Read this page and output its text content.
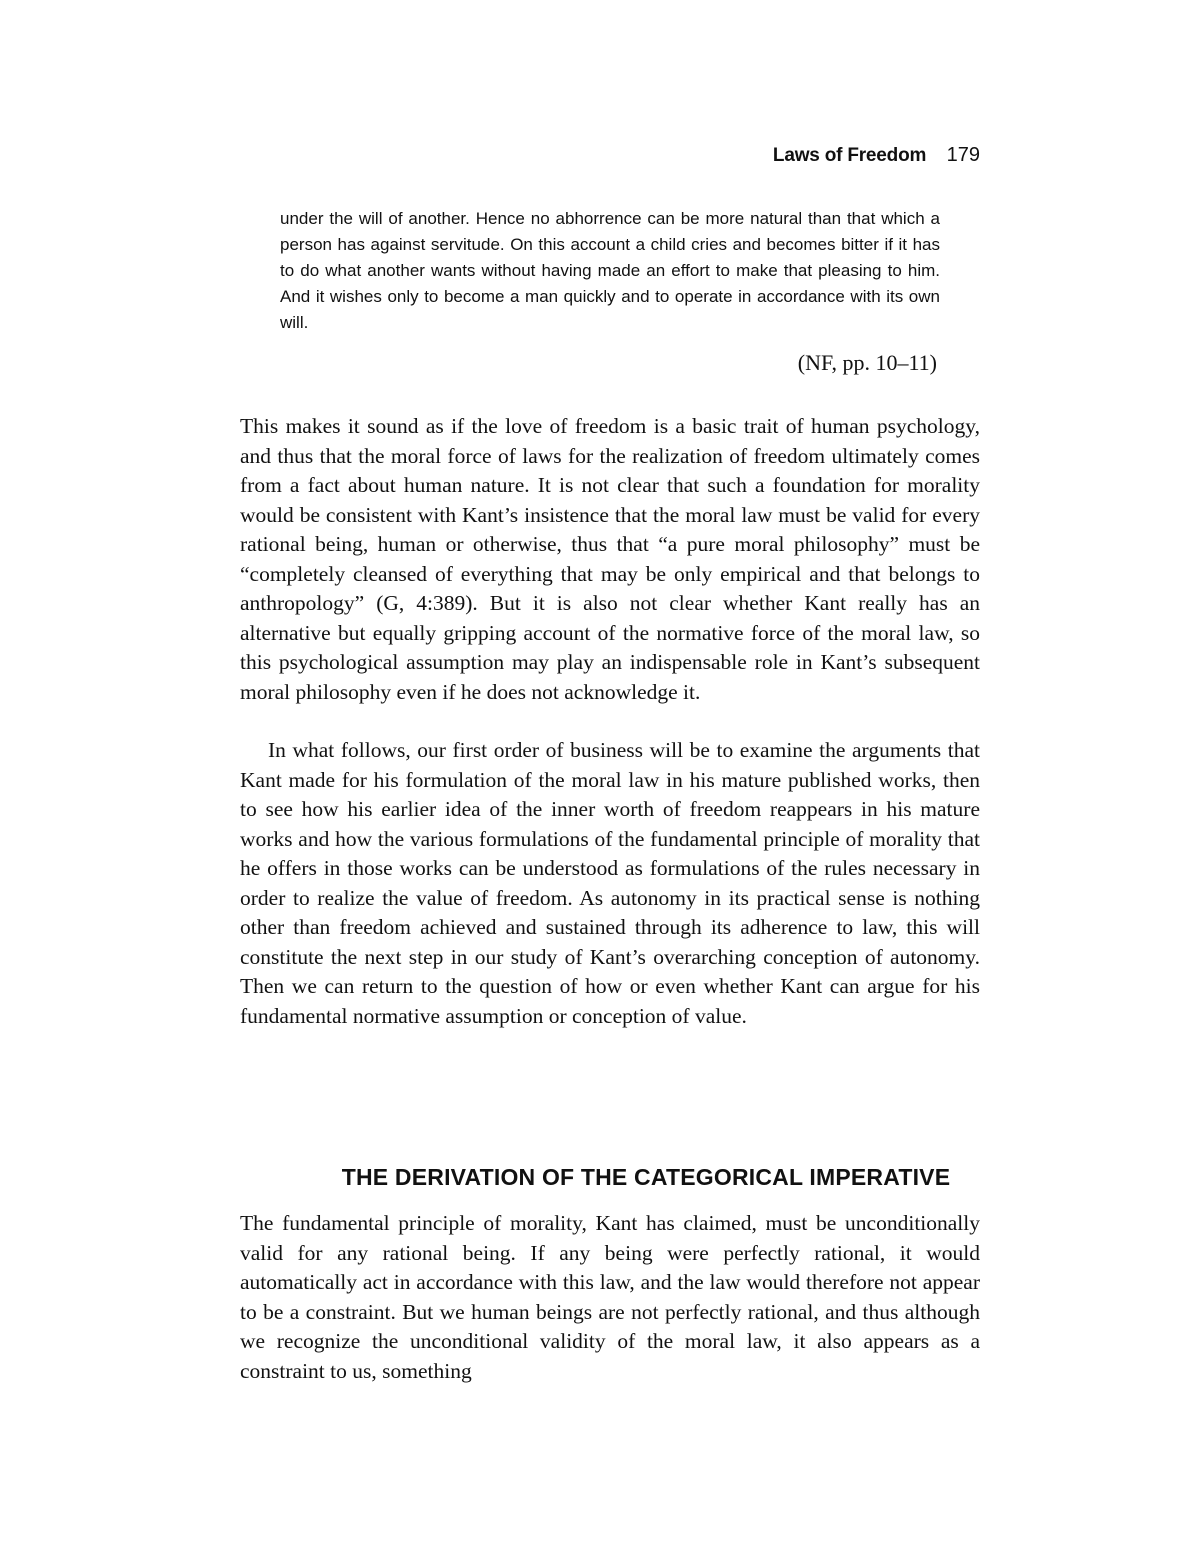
Laws of Freedom 179

under the will of another. Hence no abhorrence can be more natural than that which a person has against servitude. On this account a child cries and becomes bitter if it has to do what another wants without having made an effort to make that pleasing to him. And it wishes only to become a man quickly and to operate in accordance with its own will.

(NF, pp. 10–11)

This makes it sound as if the love of freedom is a basic trait of human psychology, and thus that the moral force of laws for the realization of freedom ultimately comes from a fact about human nature. It is not clear that such a foundation for morality would be consistent with Kant’s insistence that the moral law must be valid for every rational being, human or otherwise, thus that “a pure moral philosophy” must be “completely cleansed of everything that may be only empirical and that belongs to anthropology” (G, 4:389). But it is also not clear whether Kant really has an alternative but equally gripping account of the normative force of the moral law, so this psychological assumption may play an indispensable role in Kant’s subsequent moral philosophy even if he does not acknowledge it.

In what follows, our first order of business will be to examine the arguments that Kant made for his formulation of the moral law in his mature published works, then to see how his earlier idea of the inner worth of freedom reappears in his mature works and how the various formulations of the fundamental principle of morality that he offers in those works can be understood as formulations of the rules necessary in order to realize the value of freedom. As autonomy in its practical sense is nothing other than freedom achieved and sustained through its adherence to law, this will constitute the next step in our study of Kant’s overarching conception of autonomy. Then we can return to the question of how or even whether Kant can argue for his fundamental normative assumption or conception of value.

THE DERIVATION OF THE CATEGORICAL IMPERATIVE

The fundamental principle of morality, Kant has claimed, must be unconditionally valid for any rational being. If any being were perfectly rational, it would automatically act in accordance with this law, and the law would therefore not appear to be a constraint. But we human beings are not perfectly rational, and thus although we recognize the unconditional validity of the moral law, it also appears as a constraint to us, something
